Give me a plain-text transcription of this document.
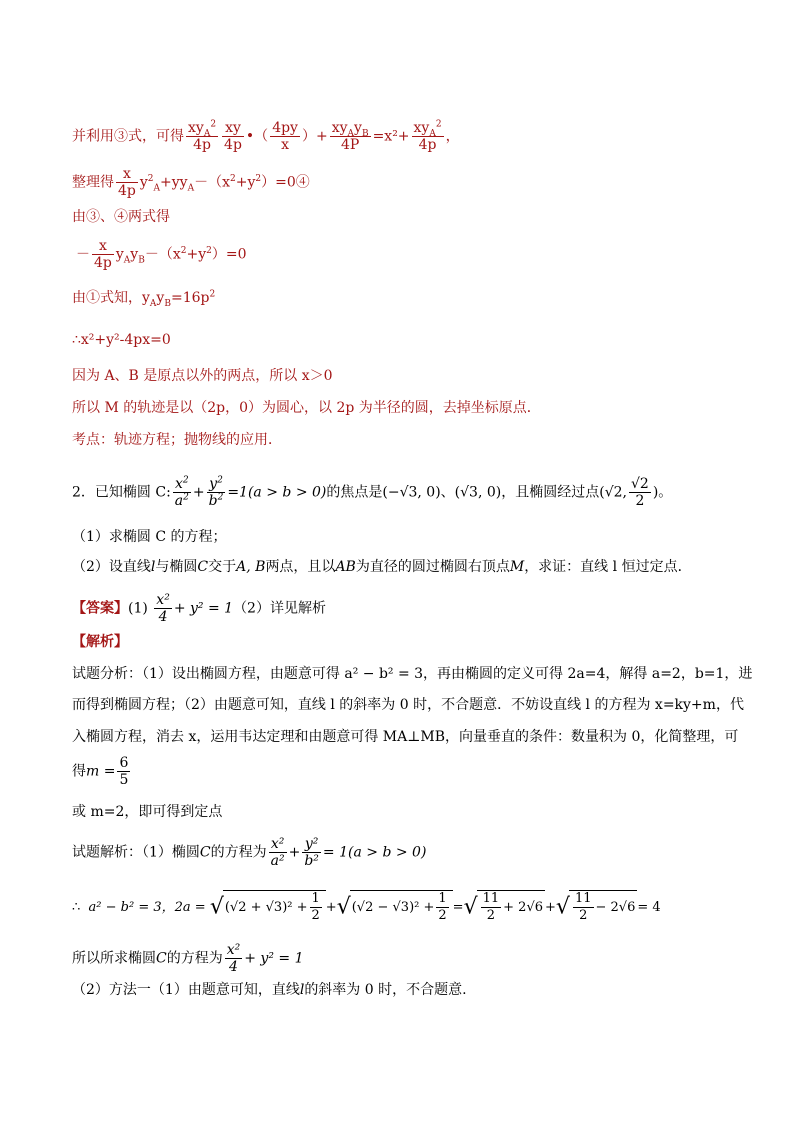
并利用③式，可得 $\frac{xy_A^2}{4p} \frac{xy}{4p}$ •（ $\frac{4py}{x}$ ）+ $\frac{xy_Ay_B}{4P} =x^2+ \frac{xy_A^2}{4p}$ ，
整理得 $\frac{x}{4p}$ $y^2_A+yy_A-(x^2+y^2)=0④$
由③、④两式得
－ $\frac{x}{4p} y_Ay_B-(x^2+y^2)=0$
由①式知，$y_Ay_B=16p^2$
∴x²+y²-4px=0
因为 A、B 是原点以外的两点，所以 x＞0
所以 M 的轨迹是以（2p，0）为圆心，以 2p 为半径的圆，去掉坐标原点．
考点：轨迹方程；抛物线的应用．
2．已知椭圆 C: $\frac{x^2}{a^2} + \frac{y^2}{b^2} =1(a > b > 0)$的焦点是(−√3, 0)、(√3, 0)，且椭圆经过点(√2, $\frac{√2}{2}$ )。
（1）求椭圆 C 的方程；
（2）设直线l与椭圆C交于A, B两点，且以AB为直径的圆过椭圆右顶点M，求证：直线 l 恒过定点．
【答案】$(1) \frac{\text{x²}}{4} + y^2 = 1(2)$详见解析
【解析】
试题分析：（1）设出椭圆方程，由题意可得 a² − b² = 3，再由椭圆的定义可得 2a=4，解得 a=2，b=1，进
而得到椭圆方程；（2）由题意可知，直线 l 的斜率为 0 时，不合题意．不妨设直线 l 的方程为 x=ky+m，代
入椭圆方程，消去 x，运用韦达定理和由题意可得 MA⊥MB，向量垂直的条件：数量积为 0，化简整理，可
得$m = \frac{6}{5}$
或 m=2，即可得到定点
试题解析：（1）椭圆C的方程为 $\frac{\text{x²}}{\text{a²}} + \frac{\text{y²}}{\text{b²}} = 1(a > b > 0)$
∴ a² − b² = 3，$2a = √(√2 + √3)^2 + \frac{1}{2} +√(√2 - √3)^2 + \frac{1}{2}$ =√ $\frac{11}{2} + 2√6$ +√ $\frac{11}{2} - 2√6 = 4$
所以所求椭圆C的方程为 $\frac{\text{x²}}{4} + y^2 = 1$
（2）方法一（1）由题意可知，直线l的斜率为 0 时，不合题意.
